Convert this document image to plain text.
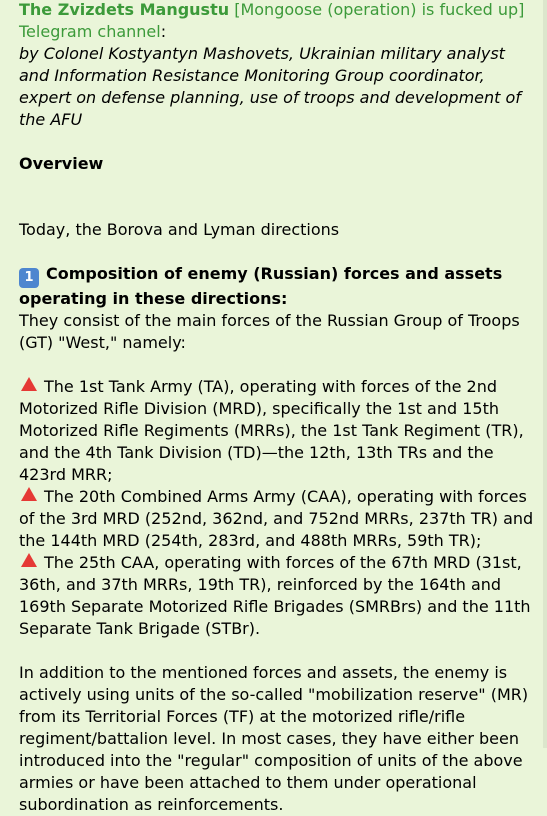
The Zvizdets Mangustu [Mongoose (operation) is fucked up]

Telegram channel:

by Colonel Kostyantyn Mashovets, Ukrainian military analyst and Information Resistance Monitoring Group coordinator, expert on defense planning, use of troops and development of the AFU

Overview

Today, the Borova and Lyman directions

1 Composition of enemy (Russian) forces and assets operating in these directions:

They consist of the main forces of the Russian Group of Troops (GT) "West," namely:

The 1st Tank Army (TA), operating with forces of the 2nd Motorized Rifle Division (MRD), specifically the 1st and 15th Motorized Rifle Regiments (MRRs), the 1st Tank Regiment (TR), and the 4th Tank Division (TD)—the 12th, 13th TRs and the 423rd MRR;

The 20th Combined Arms Army (CAA), operating with forces of the 3rd MRD (252nd, 362nd, and 752nd MRRs, 237th TR) and the 144th MRD (254th, 283rd, and 488th MRRs, 59th TR);

The 25th CAA, operating with forces of the 67th MRD (31st, 36th, and 37th MRRs, 19th TR), reinforced by the 164th and 169th Separate Motorized Rifle Brigades (SMRBrs) and the 11th Separate Tank Brigade (STBr).

In addition to the mentioned forces and assets, the enemy is actively using units of the so-called "mobilization reserve" (MR) from its Territorial Forces (TF) at the motorized rifle/rifle regiment/battalion level. In most cases, they have either been introduced into the "regular" composition of units of the above armies or have been attached to them under operational subordination as reinforcements.
